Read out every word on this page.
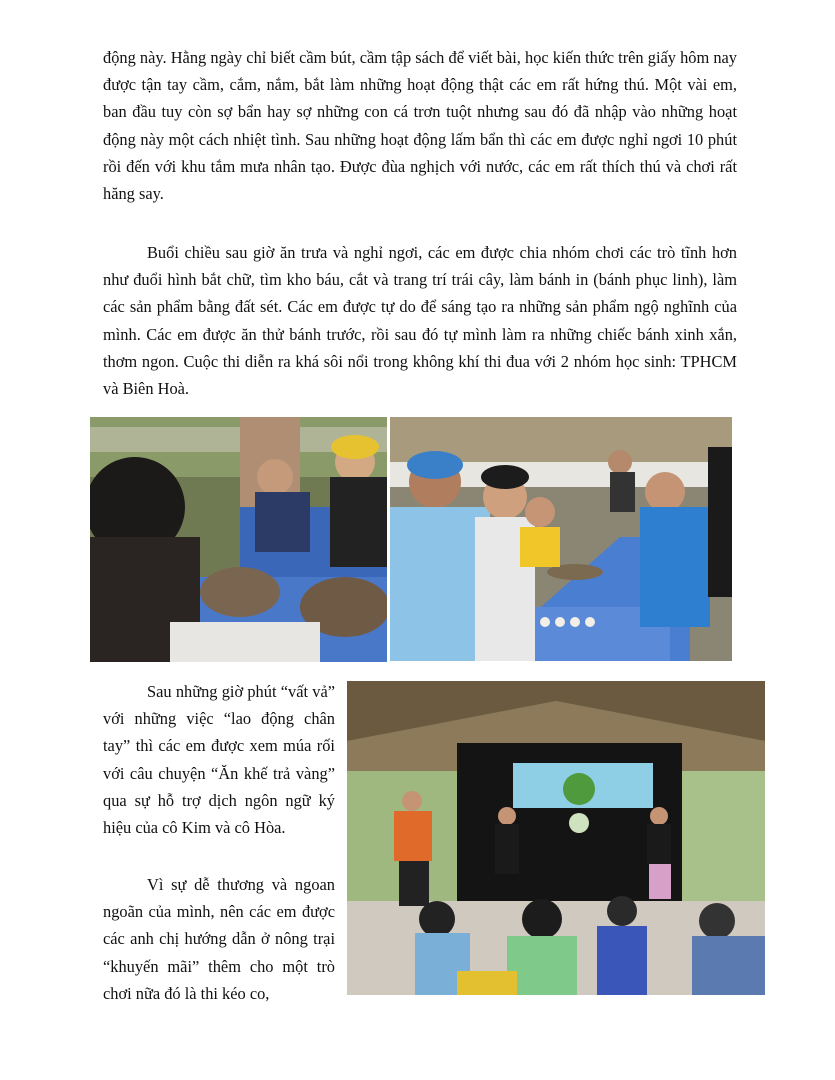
động này. Hằng ngày chỉ biết cầm bút, cầm tập sách để viết bài, học kiến thức trên giấy hôm nay được tận tay cầm, cắm, nắm, bắt làm những hoạt động thật các em rất hứng thú. Một vài em, ban đầu tuy còn sợ bẩn hay sợ những con cá trơn tuột nhưng sau đó đã nhập vào những hoạt động này một cách nhiệt tình. Sau những hoạt động lấm bẩn thì các em được nghỉ ngơi 10 phút rồi đến với khu tắm mưa nhân tạo. Được đùa nghịch với nước, các em rất thích thú và chơi rất hăng say.

Buổi chiều sau giờ ăn trưa và nghỉ ngơi, các em được chia nhóm chơi các trò tĩnh hơn như đuổi hình bắt chữ, tìm kho báu, cắt và trang trí trái cây, làm bánh in (bánh phục linh), làm các sản phẩm bằng đất sét. Các em được tự do để sáng tạo ra những sản phẩm ngộ nghĩnh của mình. Các em được ăn thử bánh trước, rồi sau đó tự mình làm ra những chiếc bánh xinh xắn, thơm ngon. Cuộc thi diễn ra khá sôi nổi trong không khí thi đua với 2 nhóm học sinh: TPHCM và Biên Hoà.

Sau những giờ phút “vất vả” với những việc “lao động chân tay” thì các em được xem múa rối với câu chuyện “Ăn khế trả vàng” qua sự hỗ trợ dịch ngôn ngữ ký hiệu của cô Kim và cô Hòa.

Vì sự dễ thương và ngoan ngoãn của mình, nên các em được các anh chị hướng dẫn ở nông trại “khuyến mãi” thêm cho một trò chơi nữa đó là thi kéo co,
